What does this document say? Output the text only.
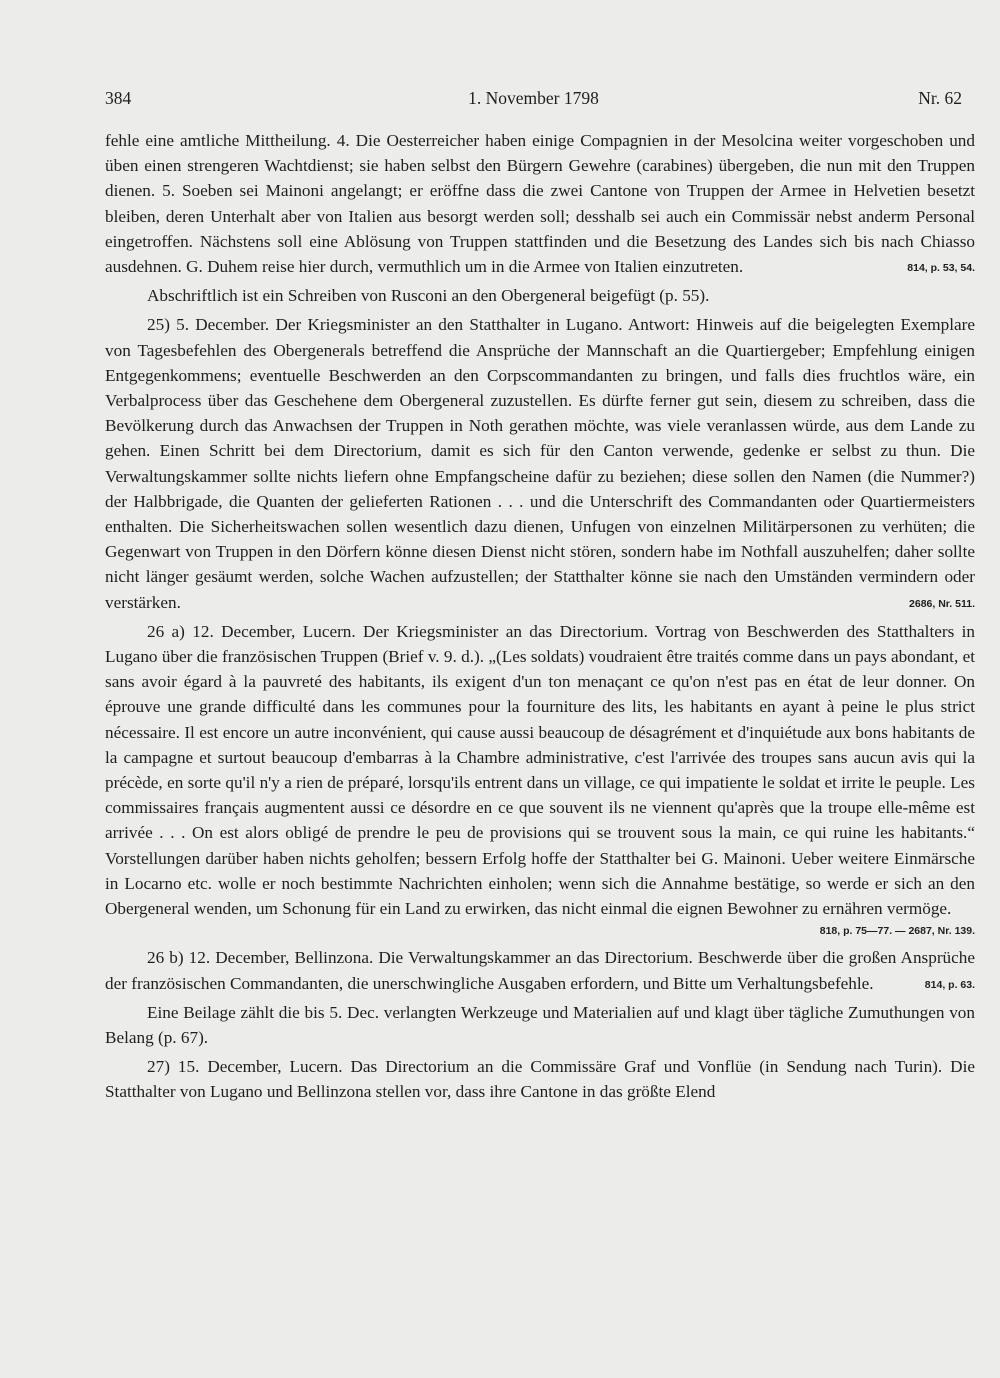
384	1. November 1798	Nr. 62

fehle eine amtliche Mittheilung. 4. Die Oesterreicher haben einige Compagnien in der Mesolcina weiter vorgeschoben und üben einen strengeren Wachtdienst; sie haben selbst den Bürgern Gewehre (carabines) übergeben, die nun mit den Truppen dienen. 5. Soeben sei Mainoni angelangt; er eröffne dass die zwei Cantone von Truppen der Armee in Helvetien besetzt bleiben, deren Unterhalt aber von Italien aus besorgt werden soll; desshalb sei auch ein Commissär nebst anderm Personal eingetroffen. Nächstens soll eine Ablösung von Truppen stattfinden und die Besetzung des Landes sich bis nach Chiasso ausdehnen. G. Duhem reise hier durch, vermuthlich um in die Armee von Italien einzutreten.	814, p. 53, 54.

Abschriftlich ist ein Schreiben von Rusconi an den Obergeneral beigefügt (p. 55).

25) 5. December. Der Kriegsminister an den Statthalter in Lugano. Antwort: Hinweis auf die beigelegten Exemplare von Tagesbefehlen des Obergenerals betreffend die Ansprüche der Mannschaft an die Quartiergeber; Empfehlung einigen Entgegenkommens; eventuelle Beschwerden an den Corpscommandanten zu bringen, und falls dies fruchtlos wäre, ein Verbalprocess über das Geschehene dem Obergeneral zuzustellen. Es dürfte ferner gut sein, diesem zu schreiben, dass die Bevölkerung durch das Anwachsen der Truppen in Noth gerathen möchte, was viele veranlassen würde, aus dem Lande zu gehen. Einen Schritt bei dem Directorium, damit es sich für den Canton verwende, gedenke er selbst zu thun. Die Verwaltungskammer sollte nichts liefern ohne Empfangscheine dafür zu beziehen; diese sollen den Namen (die Nummer?) der Halbbrigade, die Quanten der gelieferten Rationen . . . und die Unterschrift des Commandanten oder Quartiermeisters enthalten. Die Sicherheitswachen sollen wesentlich dazu dienen, Unfugen von einzelnen Militärpersonen zu verhüten; die Gegenwart von Truppen in den Dörfern könne diesen Dienst nicht stören, sondern habe im Nothfall auszuhelfen; daher sollte nicht länger gesäumt werden, solche Wachen aufzustellen; der Statthalter könne sie nach den Umständen vermindern oder verstärken.	2686, Nr. 511.

26 a) 12. December, Lucern. Der Kriegsminister an das Directorium. Vortrag von Beschwerden des Statthalters in Lugano über die französischen Truppen (Brief v. 9. d.). „(Les soldats) voudraient être traités comme dans un pays abondant, et sans avoir égard à la pauvreté des habitants, ils exigent d'un ton menaçant ce qu'on n'est pas en état de leur donner. On éprouve une grande difficulté dans les communes pour la fourniture des lits, les habitants en ayant à peine le plus strict nécessaire. Il est encore un autre inconvénient, qui cause aussi beaucoup de désagrément et d'inquiétude aux bons habitants de la campagne et surtout beaucoup d'embarras à la Chambre administrative, c'est l'arrivée des troupes sans aucun avis qui la précède, en sorte qu'il n'y a rien de préparé, lorsqu'ils entrent dans un village, ce qui impatiente le soldat et irrite le peuple. Les commissaires français augmentent aussi ce désordre en ce que souvent ils ne viennent qu'après que la troupe elle-même est arrivée . . . On est alors obligé de prendre le peu de provisions qui se trouvent sous la main, ce qui ruine les habitants.“ Vorstellungen darüber haben nichts geholfen; bessern Erfolg hoffe der Statthalter bei G. Mainoni. Ueber weitere Einmärsche in Locarno etc. wolle er noch bestimmte Nachrichten einholen; wenn sich die Annahme bestätige, so werde er sich an den Obergeneral wenden, um Schonung für ein Land zu erwirken, das nicht einmal die eignen Bewohner zu ernähren vermöge.
818, p. 75—77. — 2687, Nr. 139.

26 b) 12. December, Bellinzona. Die Verwaltungskammer an das Directorium. Beschwerde über die großen Ansprüche der französischen Commandanten, die unerschwingliche Ausgaben erfordern, und Bitte um Verhaltungsbefehle.	814, p. 63.

Eine Beilage zählt die bis 5. Dec. verlangten Werkzeuge und Materialien auf und klagt über tägliche Zumuthungen von Belang (p. 67).

27) 15. December, Lucern. Das Directorium an die Commissäre Graf und Vonflüe (in Sendung nach Turin). Die Statthalter von Lugano und Bellinzona stellen vor, dass ihre Cantone in das größte Elend
